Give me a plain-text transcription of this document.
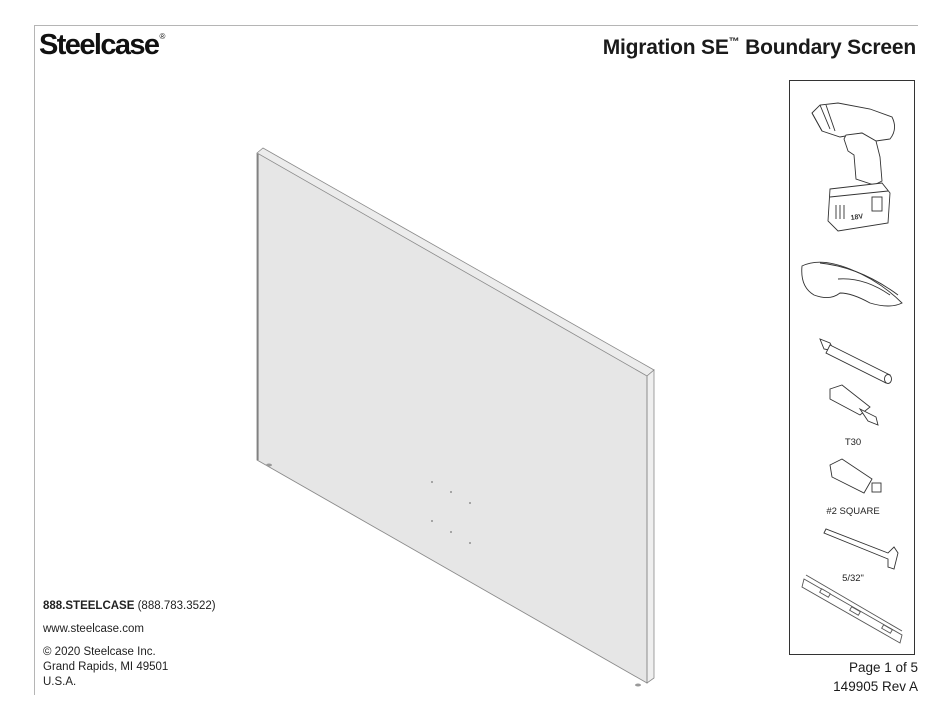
Steelcase®	Migration SE™ Boundary Screen
18V
T30
#2 SQUARE
5/32"
888.STEELCASE (888.783.3522)
www.steelcase.com
© 2020 Steelcase Inc.
Grand Rapids, MI 49501
U.S.A.
Page 1 of 5
149905 Rev A
